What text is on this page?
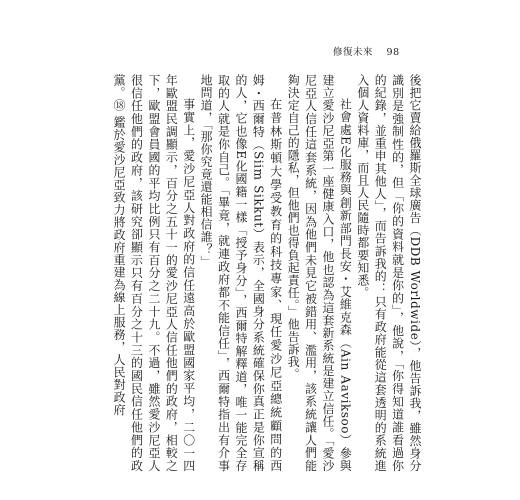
修復未來 98

後把它賣給俄羅斯全球廣告（DDB Worldwide），他告訴我，雖然身分識別是強制性的，但「你的資料就是你的」，他說，「你得知道誰看過你的紀錄，並重申其他人」，而告訴我的：只有政府能從這套透明的系統進入個人資料庫，而且人民隨時都要知悉。

社會處E化服務與創新部門長安・艾維克森（Ain Aaviksoo）參與建立愛沙尼亞第一座健康入口，他也認為這套新系統是建立信任。「愛沙尼亞人信任這套系統，因為他們未見它被錯用、濫用，該系統讓人們能夠決定自己的隱私，但他們也得負起責任。」他告訴我。

在普林斯頓大學受教育的科技專家、現任愛沙尼亞總統顧問的西姆・西爾特（Siim Sikkut）表示，全國身分系統確保你真正是你宣稱的人，它也像E化國籍一樣「授予身分」，西爾特解釋道，唯一能完全存取的人就是你自己。「畢竟，就連政府都不能信任」，西爾特指出有介事地問道，「那你究竟還能相信誰？」

事實上，愛沙尼亞人對政府的信任遠高於歐盟國家平均，二〇一四年歐盟民調顯示，百分之五十一的愛沙尼亞人信任他們的政府，相較之下，歐盟會員國的平均比例只有百分之二十九。不過，雖然愛沙尼亞人很信任他們的政府，該研究卻顯示只有百分之十三的國民信任他們的政黨。⑱ 鑑於愛沙尼亞致力將政府重建為線上服務，人民對政府
